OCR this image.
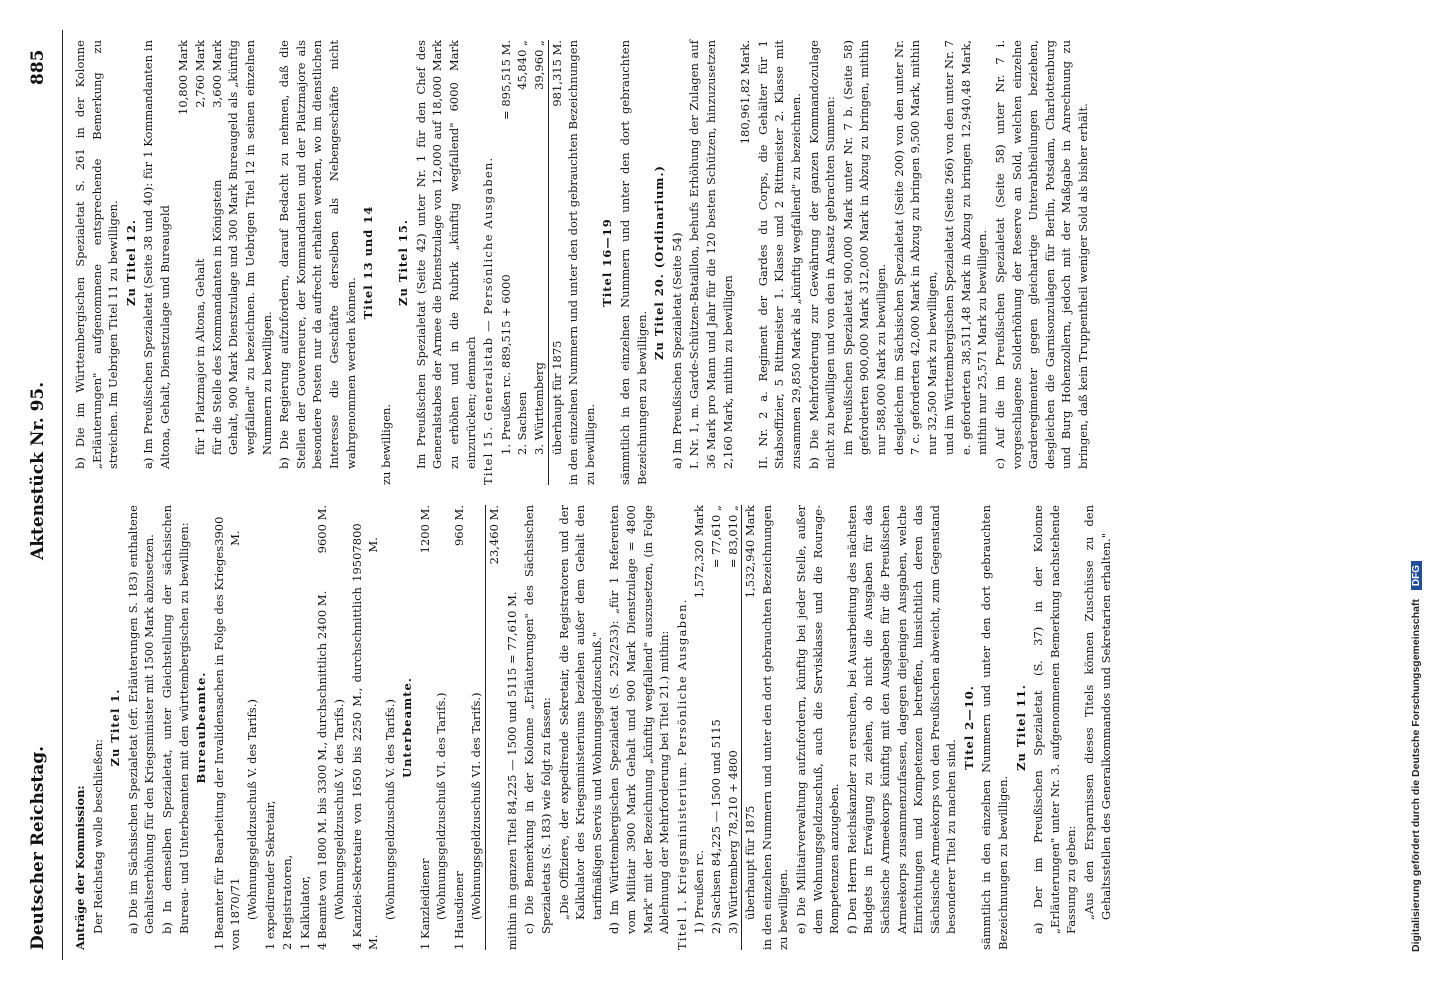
Deutscher Reichstag.
Aktenstück Nr. 95.
885

Anträge der Kommission: Der Reichstag wolle beschließen:

Zu Titel 1. a) Die im Sächsischen Spezialetat (efr. Erläuterungen S. 183) enthaltene Gehaltserhöhung für den Kriegsminister mit 1500 Mark abzusetzen. b) In demselben Spezialetat, unter Gleichstellung der sächsischen Bureau- und Unterbeamten mit den württembergischen zu bewilligen: Bureaubeamte. 1 Beamter für Bearbeitung der Invalidensachen in Folge des Krieges von 1870/71
3900 M.

(Wohnungsgeldzuschuß V. des Tarifs.) 1 expedirender Sekretair, 2 Registratoren, 1 Kalkulator, 4 Beamte von 1800 M. bis 3300 M., durchschnittlich 2400 M.
9600 M.

(Wohnungsgeldzuschuß V. des Tarifs.) 4 Kanzlei-Sekretaire von 1650 bis 2250 M., durchschnittlich 1950 M.
7800 M.

(Wohnungsgeldzuschuß V. des Tarifs.) Unterbeamte.

1 Kanzleidiener
1200 M.

(Wohnungsgeldzuschuß VI. des Tarifs.) 1 Hausdiener
960 M.

(Wohnungsgeldzuschuß VI. des Tarifs.)

23,460 M.

mithin im ganzen Titel 84,225 — 1500 und 5115 = 77,610 M. c) Die Bemerkung in der Kolonne „Erläuterungen" des Sächsischen Spezialetats (S. 183) wie folgt zu fassen: „Die Offiziere, der expedirende Sekretair, die Registratoren und der Kalkulator des Kriegsministeriums beziehen außer dem Gehalt den tarifmäßigen Servis und Wohnungsgeldzuschuß." d) Im Württembergischen Spezialetat (S. 252/253): „für 1 Referenten vom Militair 3900 Mark Gehalt und 900 Mark Dienstzulage = 4800 Mark" mit der Bezeichnung „künftig wegfallend" auszusetzen, (in Folge Ablehnung der Mehrforderung bei Titel 21.) mithin: Titel 1. Kriegsministerium. Persönliche Ausgaben. 1) Preußen rc.
1,572,320 Mark
2) Sachsen 84,225 — 1500 und 5115
= 77,610 „
3) Württemberg 78,210 + 4800
= 83,010 „
überhaupt für 1875
1,532,940 Mark in den einzelnen Nummern und unter den dort gebrauchten Bezeichnungen zu bewilligen. e) Die Militairverwaltung aufzufordern, künftig bei jeder Stelle, außer dem Wohnungsgeldzuschuß, auch die Servisklasse und die Rourage-Rompetenzen anzugeben. f) Den Herrn Reichskanzler zu ersuchen, bei Ausarbeitung des nächsten Budgets in Erwägung zu ziehen, ob nicht die Ausgaben für das Sächsische Armeekorps künftig mit den Ausgaben für die Preußischen Armeekorps zusammenzufassen, dagegen diejenigen Ausgaben, welche Einrichtungen und Kompetenzen betreffen, hinsichtlich deren das Sächsische Armeekorps von den Preußischen abweicht, zum Gegenstand besonderer Titel zu machen sind.

Titel 2—10. sämmtlich in den einzelnen Nummern und unter den dort gebrauchten Bezeichnungen zu bewilligen.

Zu Titel 11. a) Der im Preußischen Spezialetat (S. 37) in der Kolonne „Erläuterungen" unter Nr. 3. aufgenommenen Bemerkung nachstehende Fassung zu geben: „Aus den Ersparnissen dieses Titels können Zuschüsse zu den Gehaltsstellen des Generalkommandos und Sekretarien erhalten."

b) Die im Württembergischen Spezialetat S. 261 in der Kolonne „Erläuterungen" aufgenommene entsprechende Bemerkung zu streichen. Im Uebrigen Titel 11 zu bewilligen. Zu Titel 12. a) Im Preußischen Spezialetat (Seite 38 und 40): für 1 Kommandanten in Altona, Gehalt, Dienstzulage und Bureaugeld

10,800 Mark

für 1 Platzmajor in Altona, Gehalt
2,760 Mark
für die Stelle des Kommandanten in Königstein
3,600 Mark Gehalt, 900 Mark Dienstzulage und 300 Mark Bureaugeld als „künftig wegfallend" zu bezeichnen. Im Uebrigen Titel 12 in seinen einzelnen Nummern zu bewilligen. b) Die Regierung aufzufordern, darauf Bedacht zu nehmen, daß die Stellen der Gouverneure, der Kommandanten und der Platzmajore als besondere Posten nur da aufrecht erhalten werden, wo im dienstlichen Interesse die Geschäfte derselben als Nebengeschäfte nicht wahrgenommen werden können.

Titel 13 und 14

zu bewilligen.

Zu Titel 15. Im Preußischen Spezialetat (Seite 42) unter Nr. 1 für den Chef des Generalstabes der Armee die Dienstzulage von 12,000 auf 18,000 Mark zu erhöhen und in die Rubrik „künftig wegfallend" 6000 Mark einzurücken; demnach Titel 15. Generalstab — Persönliche Ausgaben. 1. Preußen rc. 889,515 + 6000
= 895,515 M.
2. Sachsen
45,840 „
3. Württemberg
39,960 „
überhaupt für 1875
981,315 M. in den einzelnen Nummern und unter den dort gebrauchten Bezeichnungen zu bewilligen.

Titel 16—19 sämmtlich in den einzelnen Nummern und unter den dort gebrauchten Bezeichnungen zu bewilligen.

Zu Titel 20. (Ordinarium.) a) Im Preußischen Spezialetat (Seite 54) I. Nr. 1, m. Garde-Schützen-Bataillon, behufs Erhöhung der Zulagen auf 36 Mark pro Mann und Jahr für die 120 besten Schützen, hinzuzusetzen 2,160 Mark, mithin zu bewilligen

180,961,82 Mark. II. Nr. 2 a. Regiment der Gardes du Corps, die Gehälter für 1 Stabsoffizier, 5 Rittmeister 1. Klasse und 2 Rittmeister 2. Klasse mit zusammen 29,850 Mark als „künftig wegfallend" zu bezeichnen. b) Die Mehrforderung zur Gewährung der ganzen Kommandozulage nicht zu bewilligen und von den in Ansatz gebrachten Summen: im Preußischen Spezialetat 900,000 Mark unter Nr. 7 b. (Seite 58) geforderten 900,000 Mark 312,000 Mark in Abzug zu bringen, mithin nur 588,000 Mark zu bewilligen. desgleichen im Sächsischen Spezialetat (Seite 200) von den unter Nr. 7 c. geforderten 42,000 Mark in Abzug zu bringen 9,500 Mark, mithin nur 32,500 Mark zu bewilligen, und im Württembergischen Spezialetat (Seite 266) von den unter Nr. 7 e. geforderten 38,511,48 Mark in Abzug zu bringen 12,940,48 Mark, mithin nur 25,571 Mark zu bewilligen. c) Auf die im Preußischen Spezialetat (Seite 58) unter Nr. 7 i. vorgeschlagene Solderhöhung der Reserve an Sold, welchen einzelne Garderegimenter gegen gleichartige Unterabtheilungen beziehen, desgleichen die Garnisonzulagen für Berlin, Potsdam, Charlottenburg und Burg Hohenzollern, jedoch mit der Maßgabe in Anrechnung zu bringen, daß kein Truppentheil weniger Sold als bisher erhält.

Digitalisierung gefördert durch die Deutsche Forschungsgemeinschaft DFG
